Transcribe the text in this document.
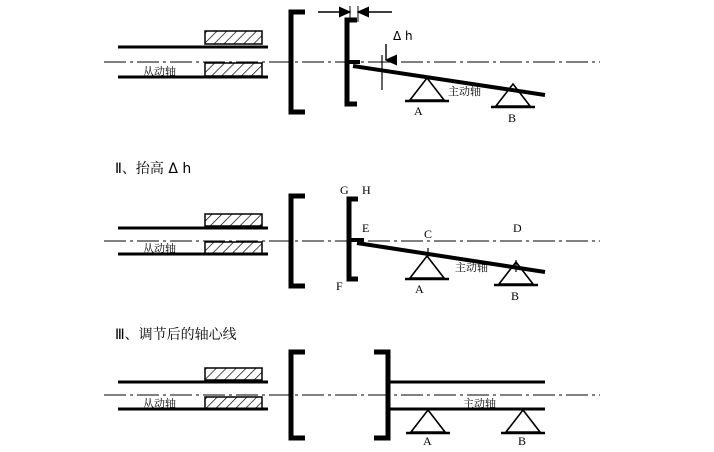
从动轴
主动轴
Δ h
A	B
Ⅱ、抬高 Δ h
从动轴
主动轴
G H
E	C	D
F	A	B
Ⅲ、调节后的轴心线
从动轴	主动轴
A	B
